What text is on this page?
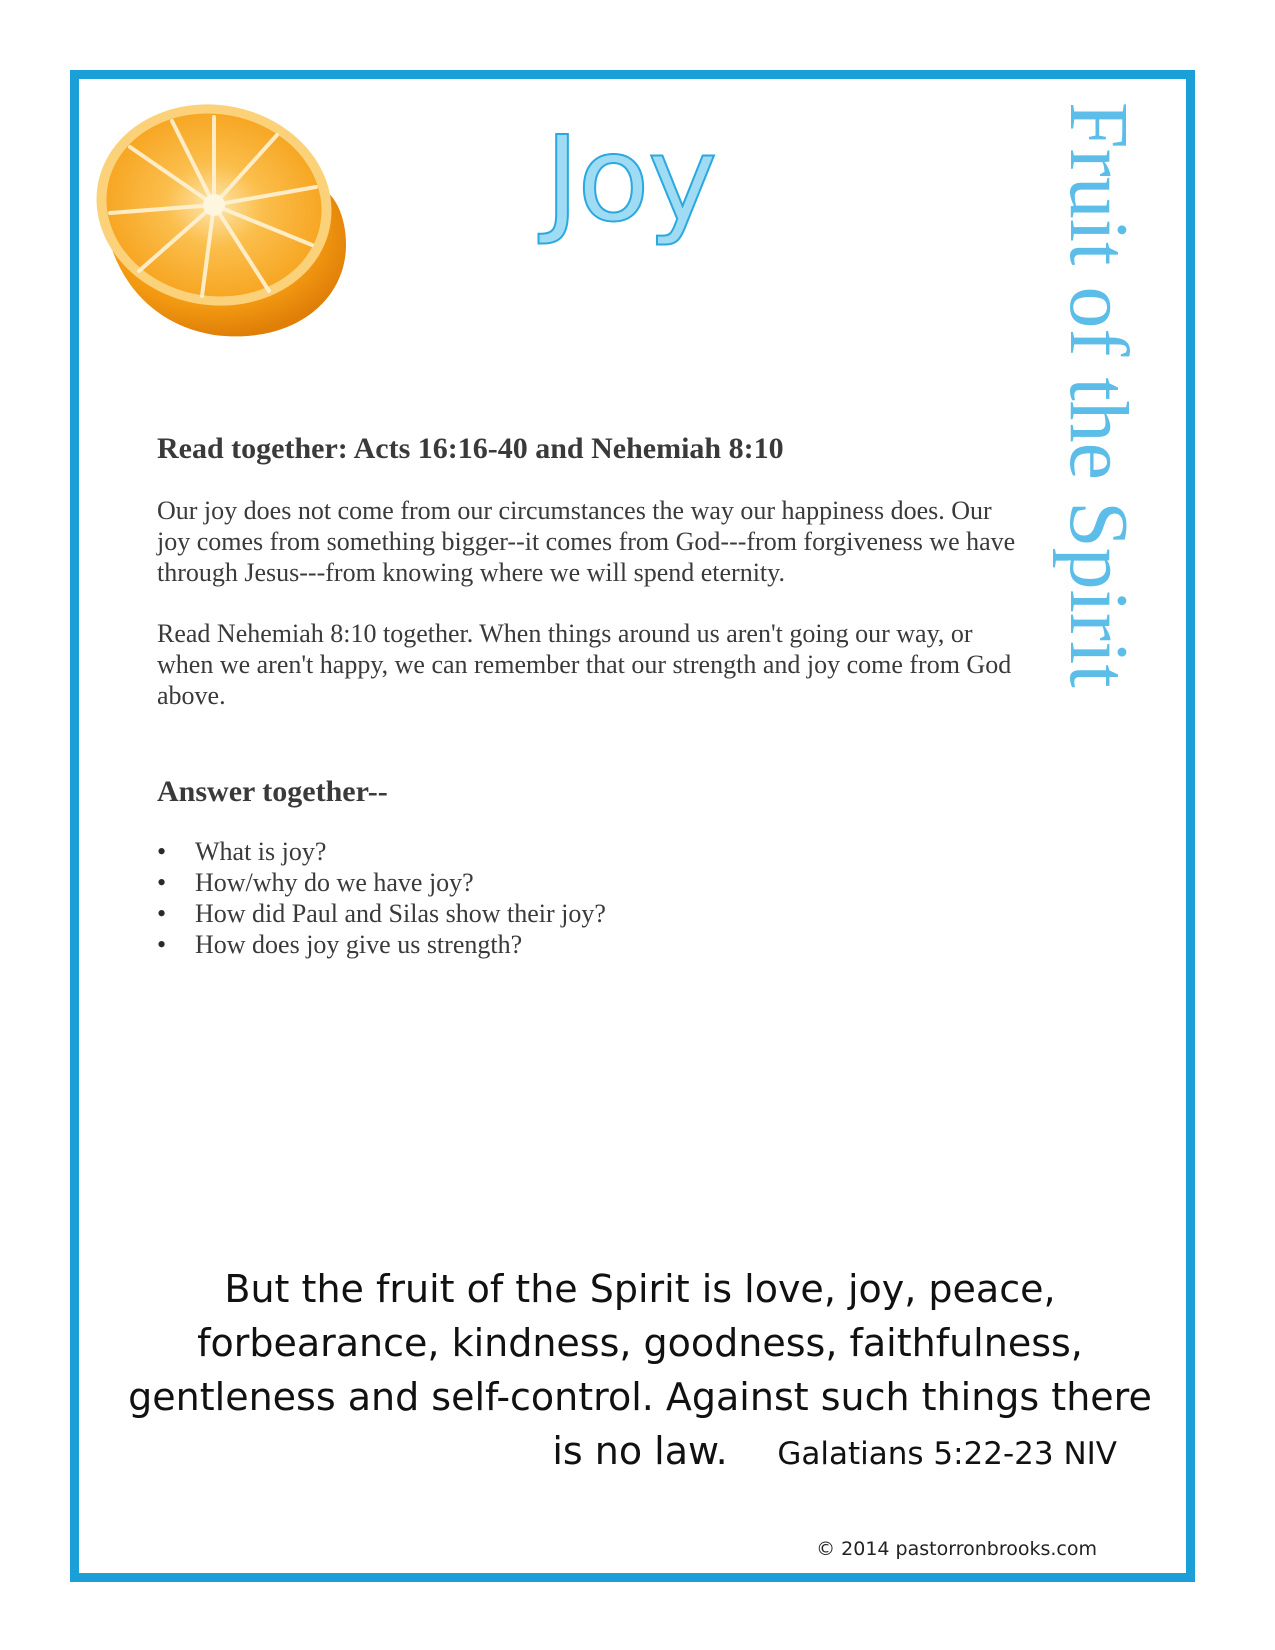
Joy	Fruit of the Spirit
Read together: Acts 16:16-40 and Nehemiah 8:10

Our joy does not come from our circumstances the way our happiness does. Our joy comes from something bigger--it comes from God---from forgiveness we have through Jesus---from knowing where we will spend eternity.

Read Nehemiah 8:10 together. When things around us aren't going our way, or when we aren't happy, we can remember that our strength and joy come from God above.

Answer together--
• What is joy?
• How/why do we have joy?
• How did Paul and Silas show their joy?
• How does joy give us strength?
But the fruit of the Spirit is love, joy, peace, forbearance, kindness, goodness, faithfulness, gentleness and self-control. Against such things there is no law.	Galatians 5:22-23 NIV
© 2014 pastorronbrooks.com
